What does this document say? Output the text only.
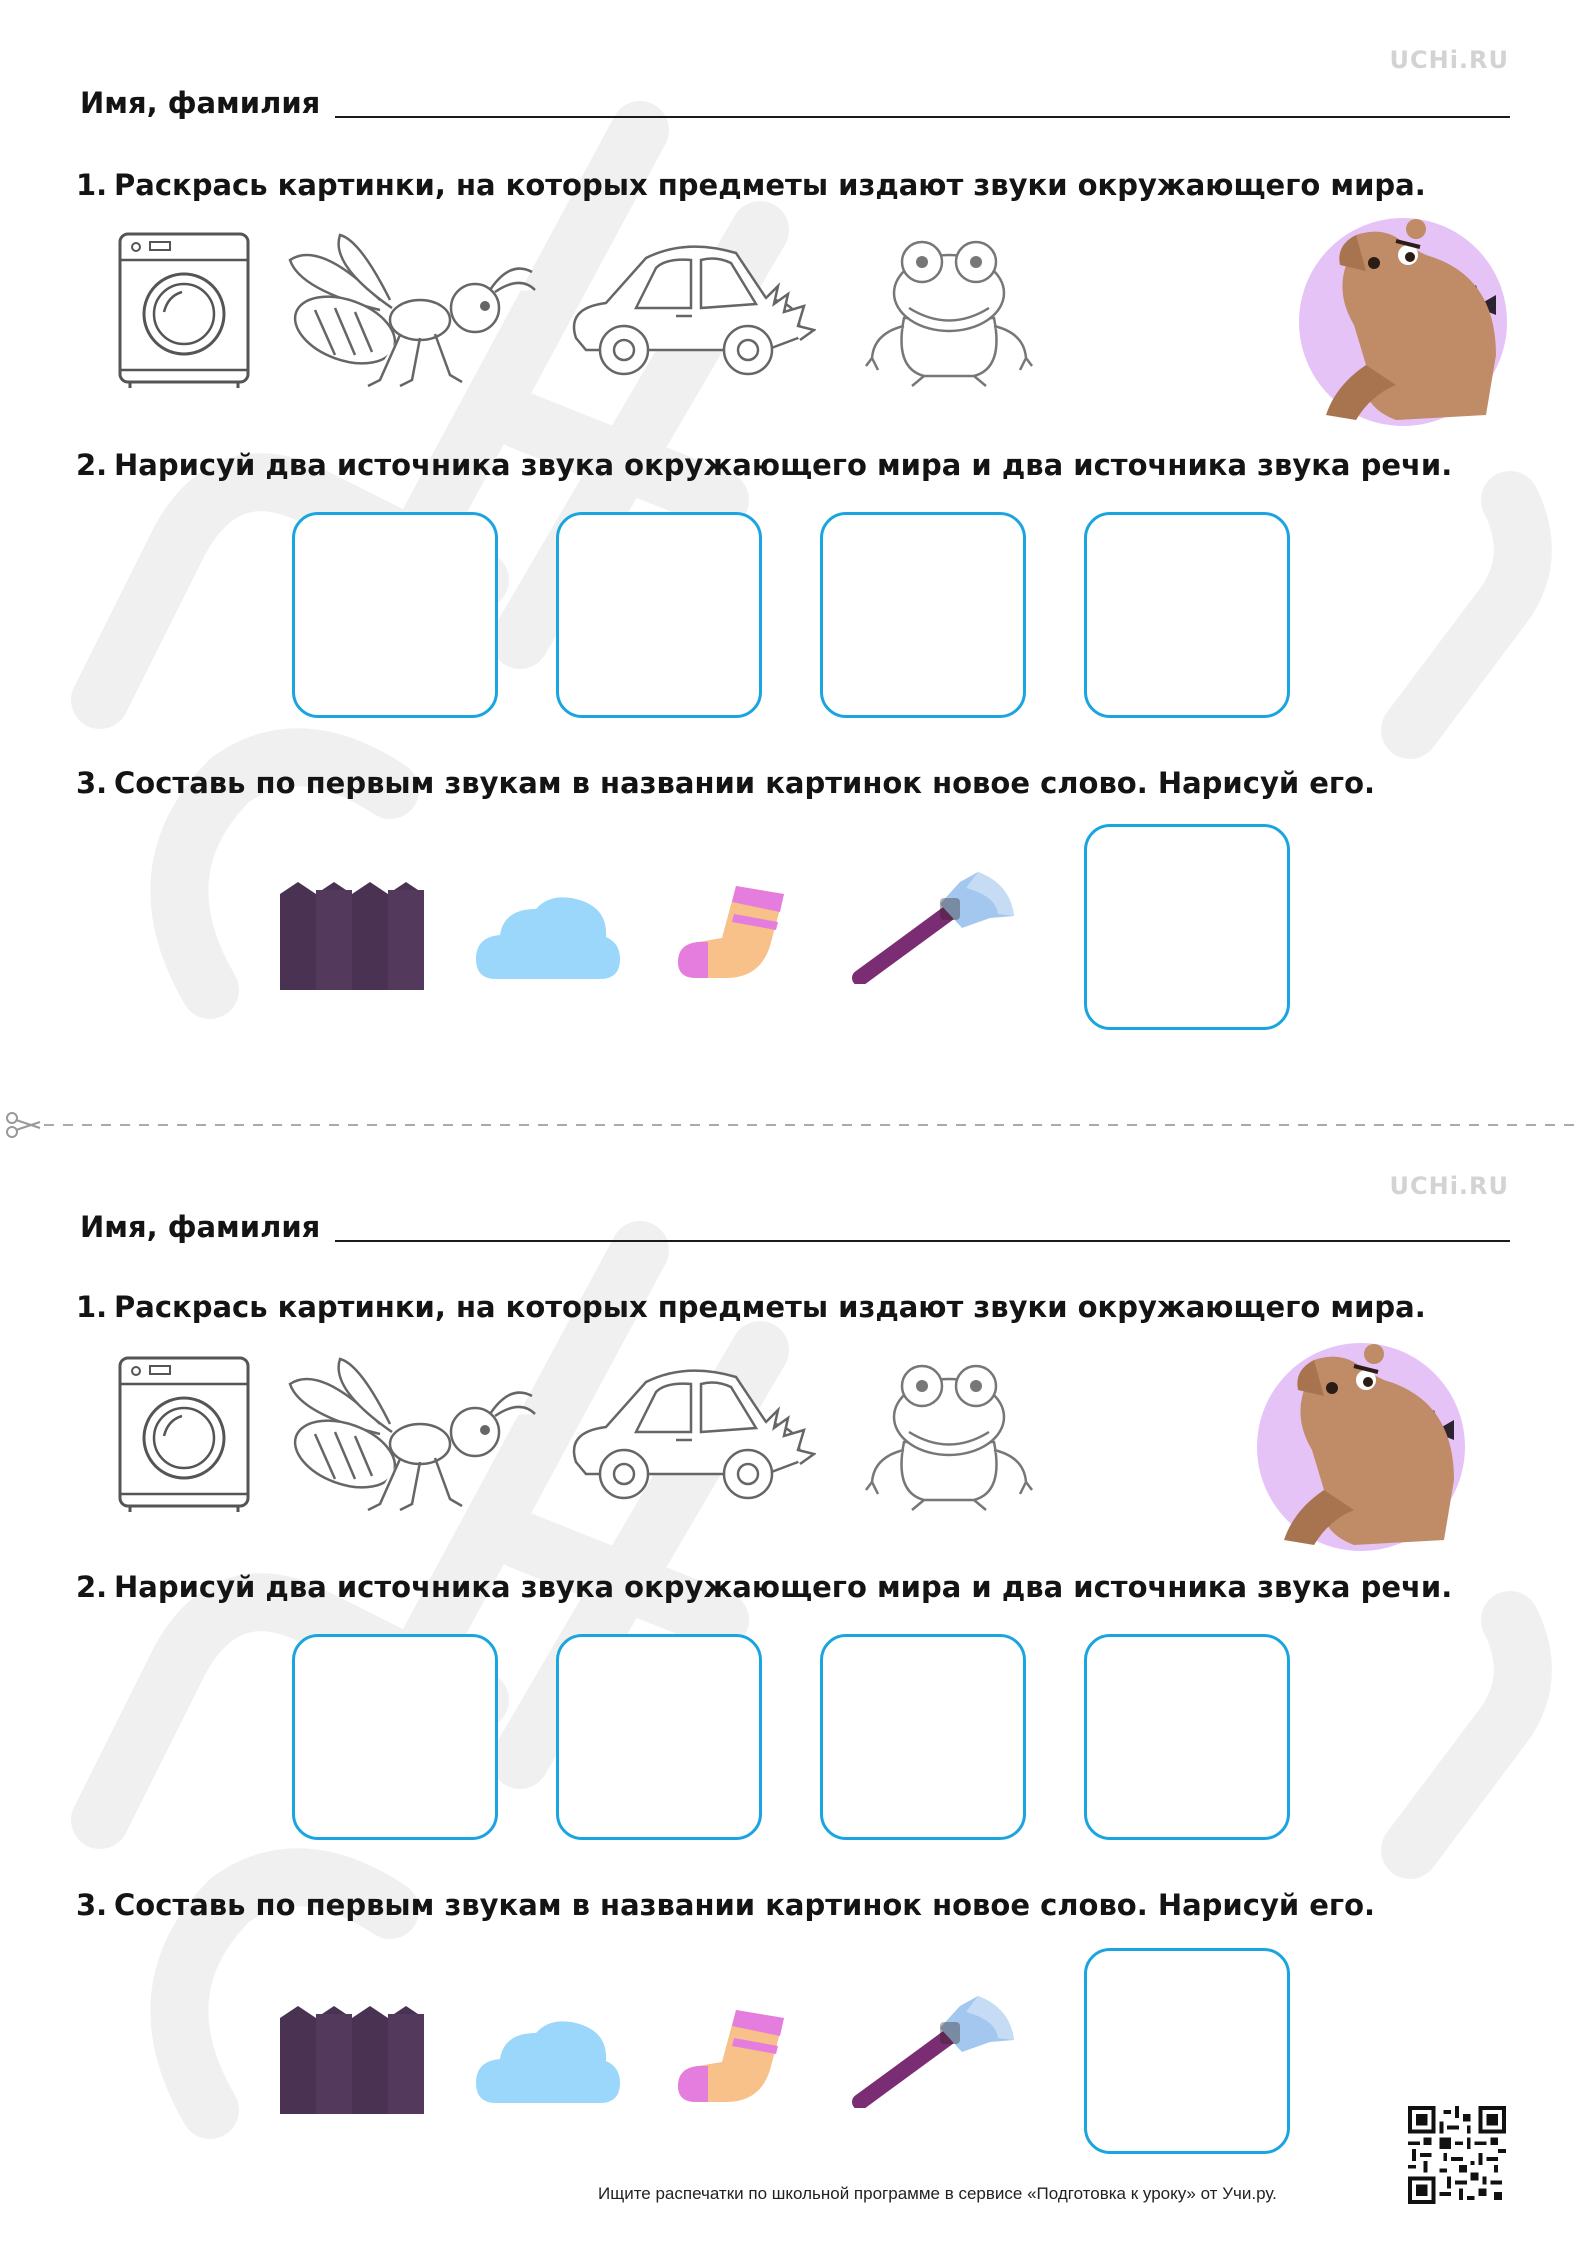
UCHi.RU
Имя, фамилия
1. Раскрась картинки, на которых предметы издают звуки окружающего мира.
2. Нарисуй два источника звука окружающего мира и два источника звука речи.
3. Составь по первым звукам в названии картинок новое слово. Нарисуй его.
UCHi.RU
Имя, фамилия
1. Раскрась картинки, на которых предметы издают звуки окружающего мира.
2. Нарисуй два источника звука окружающего мира и два источника звука речи.
3. Составь по первым звукам в названии картинок новое слово. Нарисуй его.
Ищите распечатки по школьной программе в сервисе «Подготовка к уроку» от Учи.ру.
